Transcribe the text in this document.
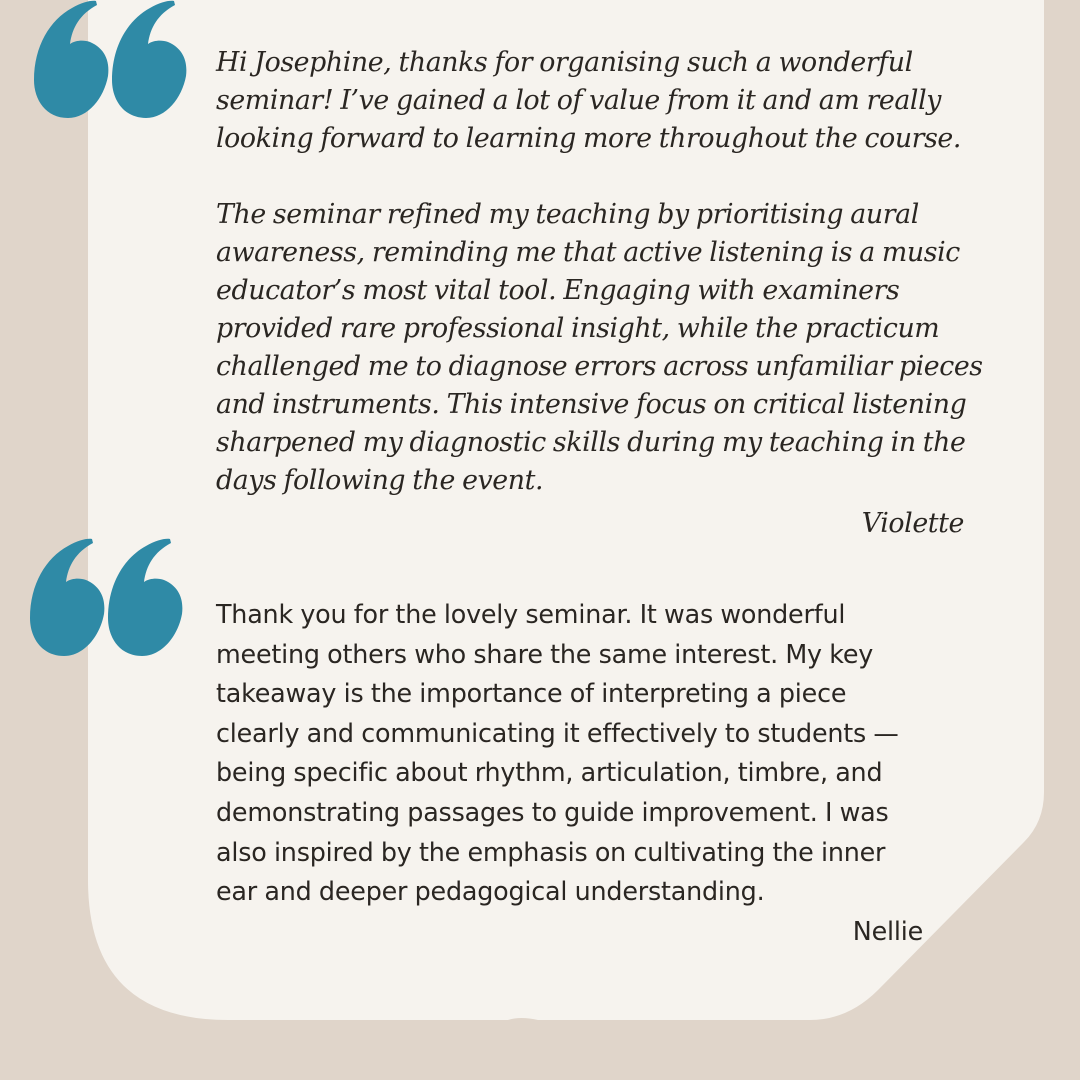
Hi Josephine, thanks for organising such a wonderful
seminar! I’ve gained a lot of value from it and am really
looking forward to learning more throughout the course.

The seminar refined my teaching by prioritising aural
awareness, reminding me that active listening is a music
educator’s most vital tool. Engaging with examiners
provided rare professional insight, while the practicum
challenged me to diagnose errors across unfamiliar pieces
and instruments. This intensive focus on critical listening
sharpened my diagnostic skills during my teaching in the
days following the event.

Violette
Thank you for the lovely seminar. It was wonderful
meeting others who share the same interest. My key
takeaway is the importance of interpreting a piece
clearly and communicating it effectively to students —
being specific about rhythm, articulation, timbre, and
demonstrating passages to guide improvement. I was
also inspired by the emphasis on cultivating the inner
ear and deeper pedagogical understanding.
Nellie
